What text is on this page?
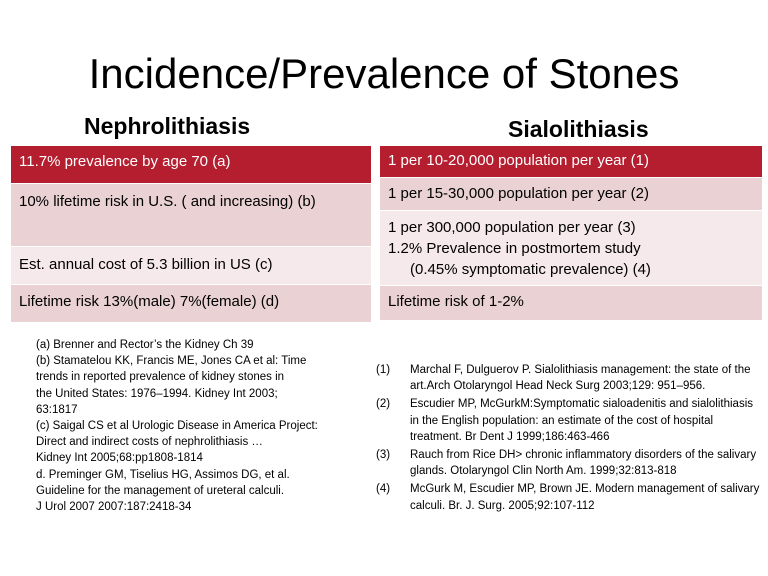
Incidence/Prevalence of Stones
Nephrolithiasis	Sialolithiasis
11.7% prevalence by age 70 (a)
10% lifetime risk in U.S. ( and increasing) (b)
Est. annual cost of 5.3 billion in US (c)
Lifetime risk 13%(male) 7%(female) (d)
1 per 10-20,000 population per year (1)
1 per 15-30,000 population per year (2)

1 per 300,000 population per year (3)
1.2% Prevalence in postmortem study
(0.45% symptomatic prevalence) (4)

Lifetime risk of 1-2%
(a) Brenner and Rector’s the Kidney Ch 39
(b) Stamatelou KK, Francis ME, Jones CA et al: Time
trends in reported prevalence of kidney stones in
the United States: 1976–1994. Kidney Int 2003;
63:1817
(c) Saigal CS et al Urologic Disease in America Project:
Direct and indirect costs of nephrolithiasis …
Kidney Int 2005;68:pp1808-1814
d. Preminger GM, Tiselius HG, Assimos DG, et al.
Guideline for the management of ureteral calculi.
J Urol 2007 2007:187:2418-34
(1)	Marchal F, Dulguerov P. Sialolithiasis management: the state of the art.Arch Otolaryngol Head Neck Surg 2003;129: 951–956.
(2)	Escudier MP, McGurkM:Symptomatic sialoadenitis and sialolithiasis in the English population: an estimate of the cost of hospital treatment. Br Dent J 1999;186:463-466
(3)	Rauch from Rice DH> chronic inflammatory disorders of the salivary glands. Otolaryngol Clin North Am. 1999;32:813-818
(4)	McGurk M, Escudier MP, Brown JE. Modern management of salivary calculi. Br. J. Surg. 2005;92:107-112
